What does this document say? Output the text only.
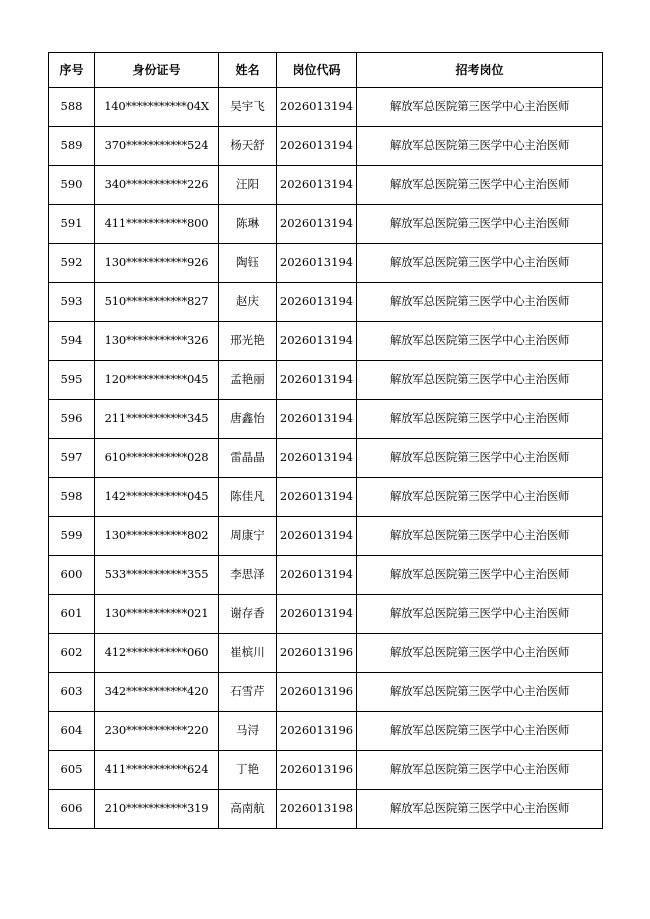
序号	身份证号	姓名	岗位代码	招考岗位
588	140***********04X	吴宇飞	2026013194	解放军总医院第三医学中心主治医师
589	370***********524	杨天舒	2026013194	解放军总医院第三医学中心主治医师
590	340***********226	汪阳	2026013194	解放军总医院第三医学中心主治医师
591	411***********800	陈琳	2026013194	解放军总医院第三医学中心主治医师
592	130***********926	陶钰	2026013194	解放军总医院第三医学中心主治医师
593	510***********827	赵庆	2026013194	解放军总医院第三医学中心主治医师
594	130***********326	邢光艳	2026013194	解放军总医院第三医学中心主治医师
595	120***********045	孟艳丽	2026013194	解放军总医院第三医学中心主治医师
596	211***********345	唐鑫怡	2026013194	解放军总医院第三医学中心主治医师
597	610***********028	雷晶晶	2026013194	解放军总医院第三医学中心主治医师
598	142***********045	陈佳凡	2026013194	解放军总医院第三医学中心主治医师
599	130***********802	周康宁	2026013194	解放军总医院第三医学中心主治医师
600	533***********355	李思泽	2026013194	解放军总医院第三医学中心主治医师
601	130***********021	谢存香	2026013194	解放军总医院第三医学中心主治医师
602	412***********060	崔槟川	2026013196	解放军总医院第三医学中心主治医师
603	342***********420	石雪芹	2026013196	解放军总医院第三医学中心主治医师
604	230***********220	马浔	2026013196	解放军总医院第三医学中心主治医师
605	411***********624	丁艳	2026013196	解放军总医院第三医学中心主治医师
606	210***********319	高南航	2026013198	解放军总医院第三医学中心主治医师
